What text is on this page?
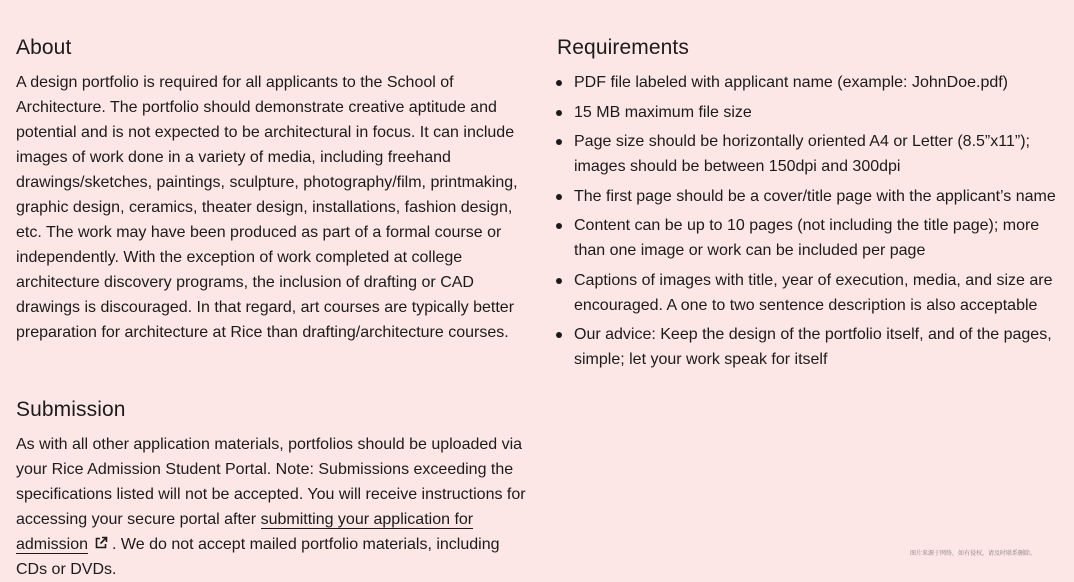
About

A design portfolio is required for all applicants to the School of Architecture. The portfolio should demonstrate creative aptitude and potential and is not expected to be architectural in focus. It can include images of work done in a variety of media, including freehand drawings/sketches, paintings, sculpture, photography/film, printmaking, graphic design, ceramics, theater design, installations, fashion design, etc. The work may have been produced as part of a formal course or independently. With the exception of work completed at college architecture discovery programs, the inclusion of drafting or CAD drawings is discouraged. In that regard, art courses are typically better preparation for architecture at Rice than drafting/architecture courses.

Submission

As with all other application materials, portfolios should be uploaded via your Rice Admission Student Portal. Note: Submissions exceeding the specifications listed will not be accepted. You will receive instructions for accessing your secure portal after submitting your application for admission . We do not accept mailed portfolio materials, including CDs or DVDs.

Requirements
PDF file labeled with applicant name (example: JohnDoe.pdf)
15 MB maximum file size
Page size should be horizontally oriented A4 or Letter (8.5”x11”); images should be between 150dpi and 300dpi
The first page should be a cover/title page with the applicant’s name
Content can be up to 10 pages (not including the title page); more than one image or work can be included per page
Captions of images with title, year of execution, media, and size are encouraged. A one to two sentence description is also acceptable
Our advice: Keep the design of the portfolio itself, and of the pages, simple; let your work speak for itself
图片来源于网络，如有侵权，请及时联系删除。
